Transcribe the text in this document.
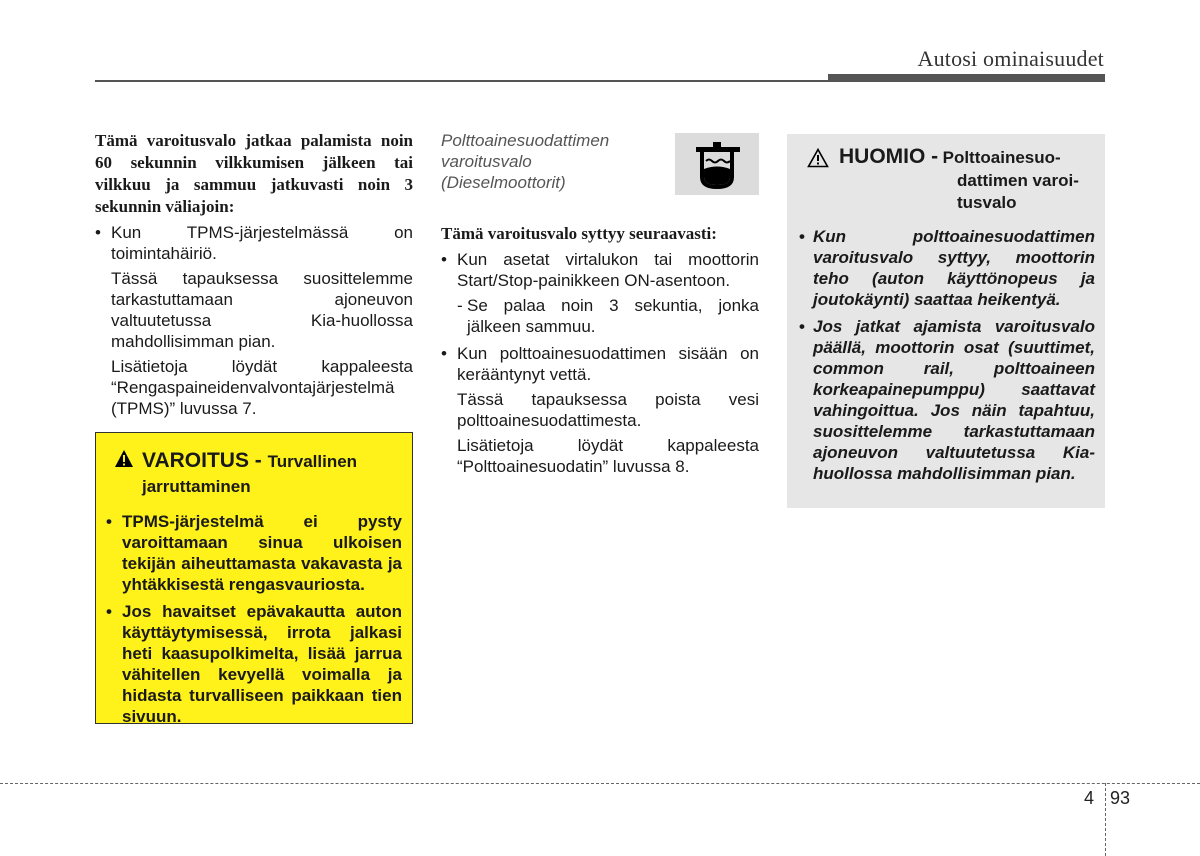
Autosi ominaisuudet

Tämä varoitusvalo jatkaa palamista noin 60 sekunnin vilkkumisen jälkeen tai vilkkuu ja sammuu jatkuvasti noin 3 sekunnin väliajoin:

• Kun TPMS-järjestelmässä on toimintahäiriö.
Tässä tapauksessa suosittelemme tarkastuttamaan ajoneuvon valtuutetussa Kia-huollossa mahdollisimman pian.
Lisätietoja löydät kappaleesta “Rengaspaineidenvalvontajärjestelmä (TPMS)” luvussa 7.
VAROITUS - Turvallinen
jarruttaminen
• TPMS-järjestelmä ei pysty varoittamaan sinua ulkoisen tekijän aiheuttamasta vakavasta ja yhtäkkisestä rengasvauriosta.
• Jos havaitset epävakautta auton käyttäytymisessä, irrota jalkasi heti kaasupolkimelta, lisää jarrua vähitellen kevyellä voimalla ja hidasta turvalliseen paikkaan tien sivuun.
Polttoainesuodattimen varoitusvalo (Dieselmoottorit)

Tämä varoitusvalo syttyy seuraavasti:

• Kun asetat virtalukon tai moottorin Start/Stop-painikkeen ON-asentoon.
- Se palaa noin 3 sekuntia, jonka jälkeen sammuu.
• Kun polttoainesuodattimen sisään on kerääntynyt vettä.
Tässä tapauksessa poista vesi polttoainesuodattimesta.
Lisätietoja löydät kappaleesta “Polttoainesuodatin” luvussa 8.
HUOMIO - Polttoainesuo-
dattimen varoi-
tusvalo
• Kun polttoainesuodattimen varoitusvalo syttyy, moottorin teho (auton käyttönopeus ja joutokäynti) saattaa heikentyä.
• Jos jatkat ajamista varoitusvalo päällä, moottorin osat (suuttimet, common rail, polttoaineen korkeapainepumppu) saattavat vahingoittua. Jos näin tapahtuu, suosittelemme tarkastuttamaan ajoneuvon valtuutetussa Kia-huollossa mahdollisimman pian.
4 93
